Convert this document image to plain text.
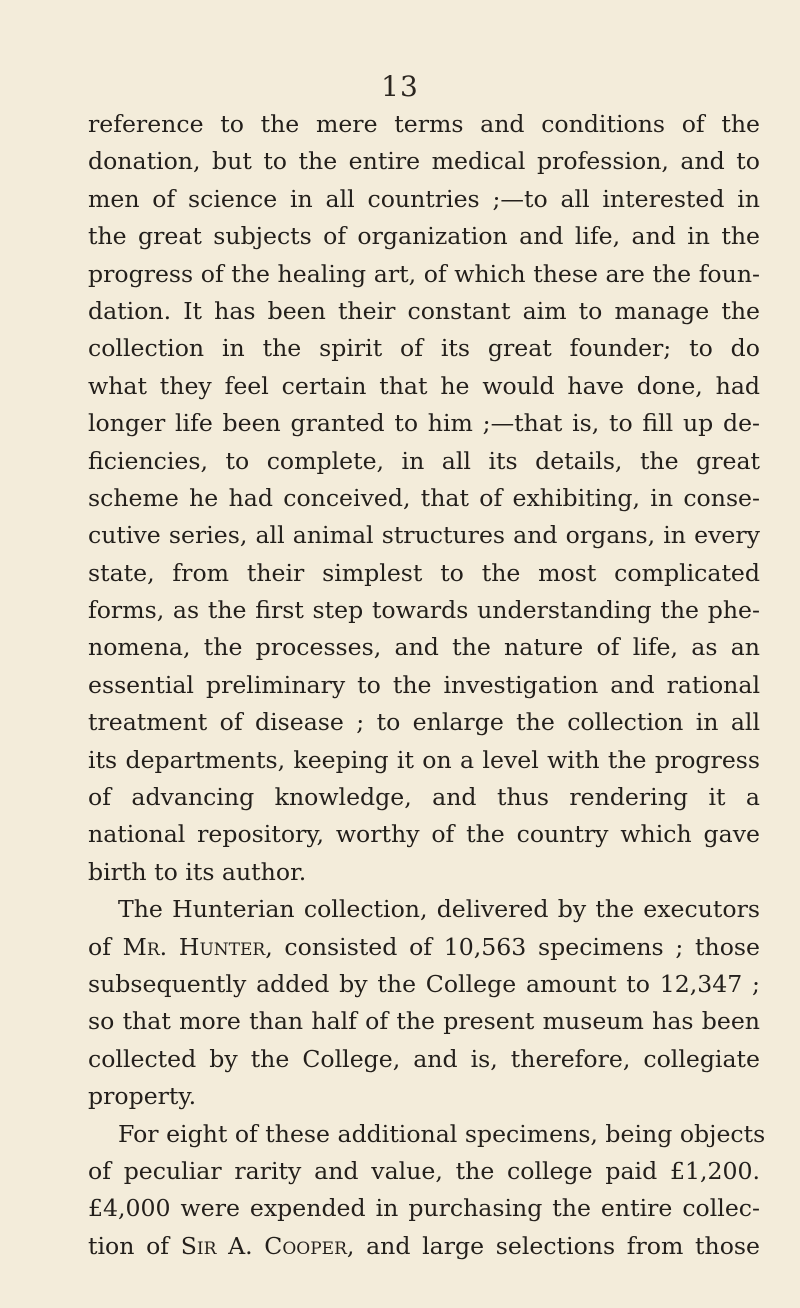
13
reference to the mere terms and conditions of the
donation, but to the entire medical profession, and to
men of science in all countries ;—to all interested in
the great subjects of organization and life, and in the
progress of the healing art, of which these are the foun-
dation. It has been their constant aim to manage the
collection in the spirit of its great founder; to do
what they feel certain that he would have done, had
longer life been granted to him ;—that is, to fill up de-
ficiencies, to complete, in all its details, the great
scheme he had conceived, that of exhibiting, in conse-
cutive series, all animal structures and organs, in every
state, from their simplest to the most complicated
forms, as the first step towards understanding the phe-
nomena, the processes, and the nature of life, as an
essential preliminary to the investigation and rational
treatment of disease ; to enlarge the collection in all
its departments, keeping it on a level with the progress
of advancing knowledge, and thus rendering it a
national repository, worthy of the country which gave
birth to its author.
The Hunterian collection, delivered by the executors
of Mr. Hunter, consisted of 10,563 specimens ; those
subsequently added by the College amount to 12,347 ;
so that more than half of the present museum has been
collected by the College, and is, therefore, collegiate
property.
For eight of these additional specimens, being objects
of peculiar rarity and value, the college paid £1,200.
£4,000 were expended in purchasing the entire collec-
tion of Sir A. Cooper, and large selections from those
